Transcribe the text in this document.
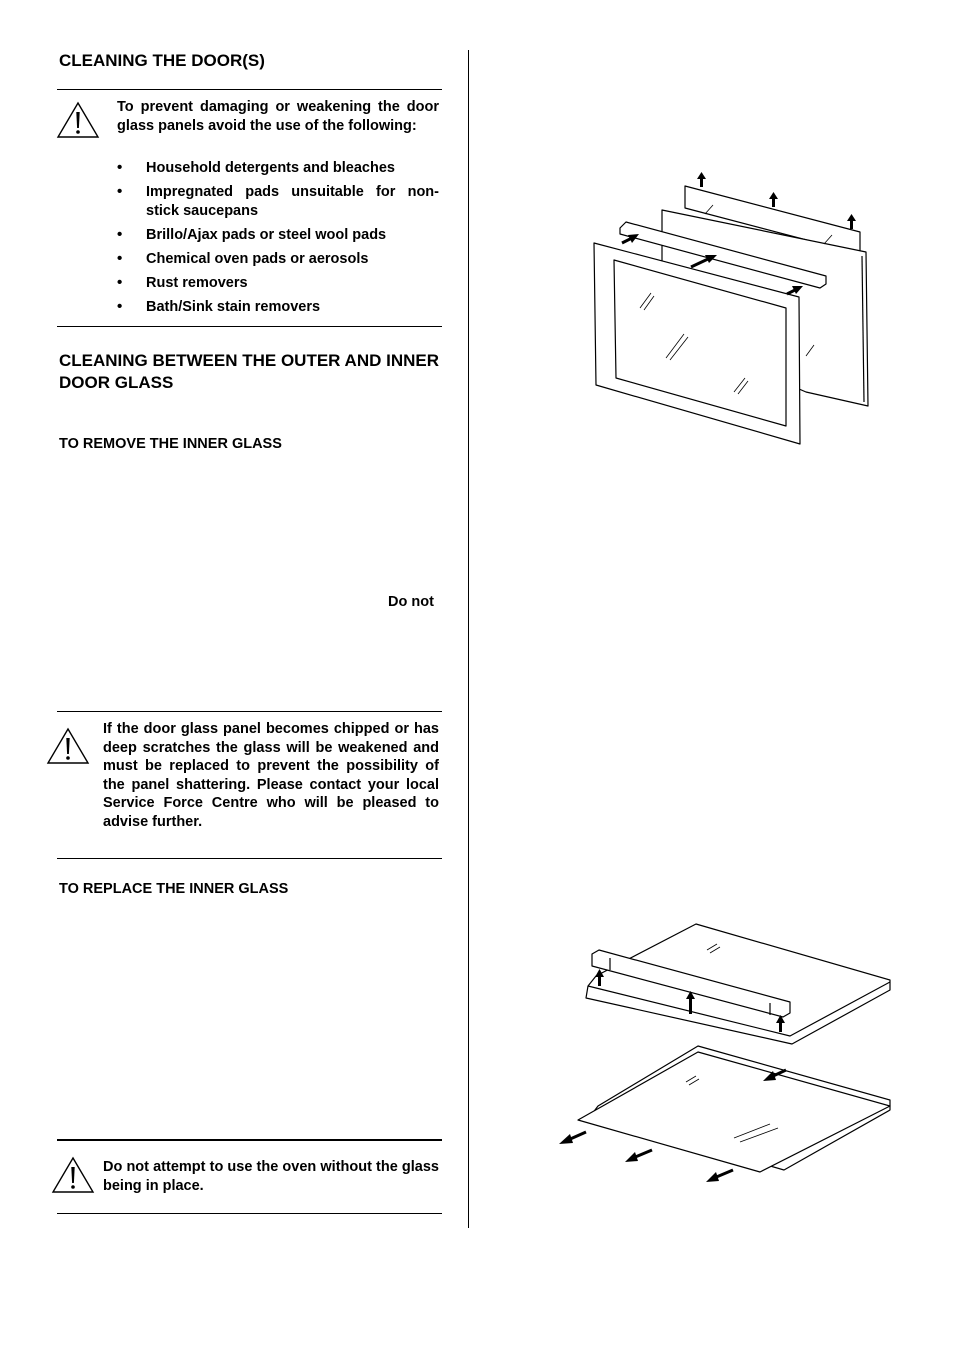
CLEANING THE DOOR(S)
To prevent damaging or weakening the door glass panels avoid the use of the following:
• Household detergents and bleaches
• Impregnated pads unsuitable for non-stick saucepans
• Brillo/Ajax pads or steel wool pads
• Chemical oven pads or aerosols
• Rust removers
• Bath/Sink stain removers
CLEANING BETWEEN THE OUTER AND INNER DOOR GLASS
TO REMOVE THE INNER GLASS
Do not
If the door glass panel becomes chipped or has deep scratches the glass will be weakened and must be replaced to prevent the possibility of the panel shattering. Please contact your local Service Force Centre who will be pleased to advise further.
TO REPLACE THE INNER GLASS
Do not attempt to use the oven without the glass being in place.
